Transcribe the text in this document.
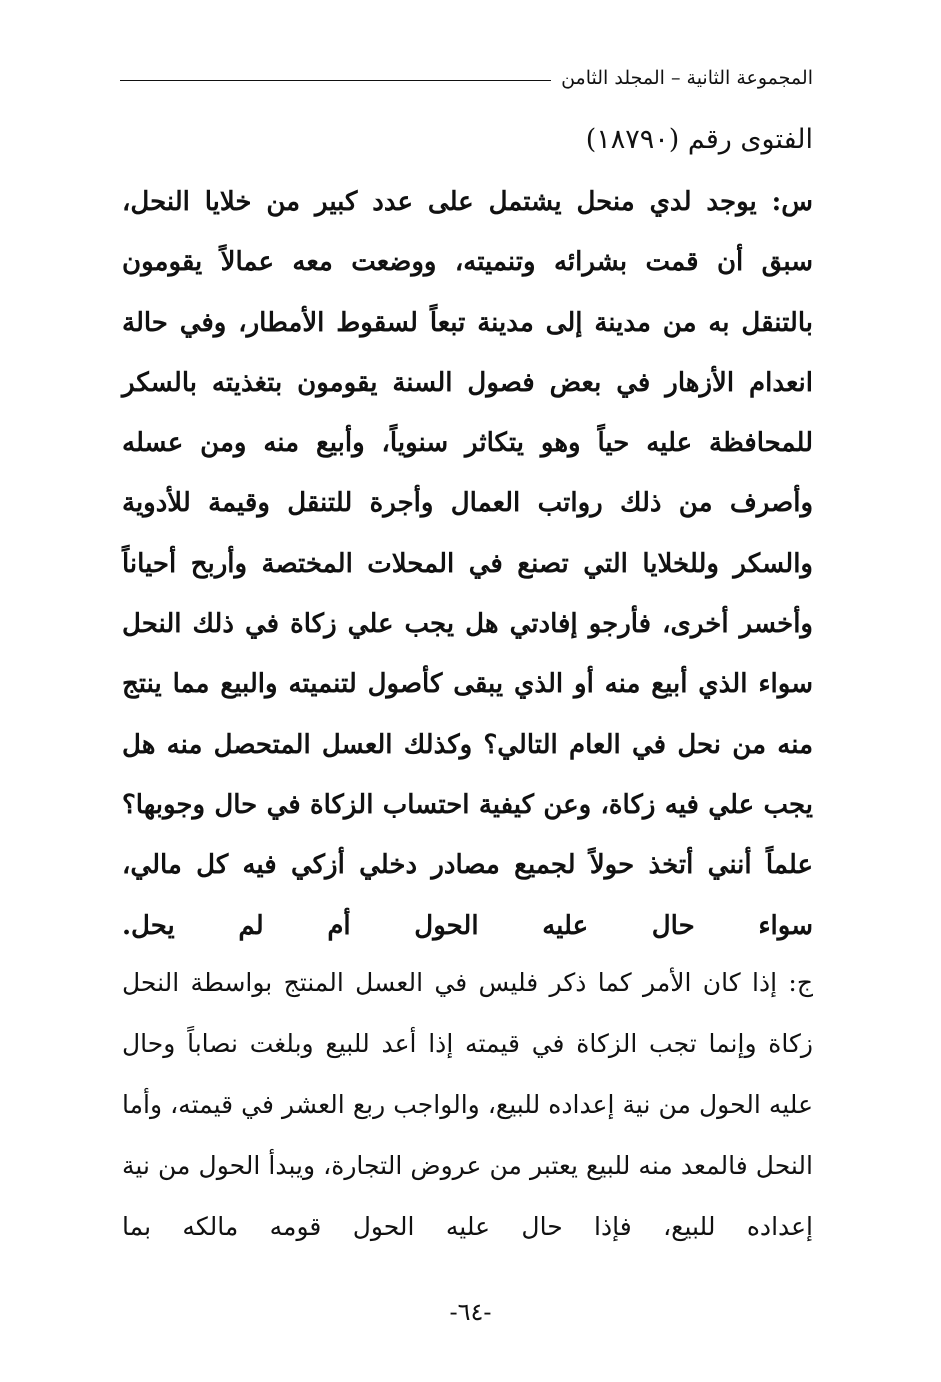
المجموعة الثانية – المجلد الثامن
الفتوى رقم (١٨٧٩٠)

س: يوجد لدي منحل يشتمل على عدد كبير من خلايا النحل، سبق أن قمت بشرائه وتنميته، ووضعت معه عمالاً يقومون بالتنقل به من مدينة إلى مدينة تبعاً لسقوط الأمطار، وفي حالة انعدام الأزهار في بعض فصول السنة يقومون بتغذيته بالسكر للمحافظة عليه حياً وهو يتكاثر سنوياً، وأبيع منه ومن عسله وأصرف من ذلك رواتب العمال وأجرة للتنقل وقيمة للأدوية والسكر وللخلايا التي تصنع في المحلات المختصة وأربح أحياناً وأخسر أخرى، فأرجو إفادتي هل يجب علي زكاة في ذلك النحل سواء الذي أبيع منه أو الذي يبقى كأصول لتنميته والبيع مما ينتج منه من نحل في العام التالي؟ وكذلك العسل المتحصل منه هل يجب علي فيه زكاة، وعن كيفية احتساب الزكاة في حال وجوبها؟ علماً أنني أتخذ حولاً لجميع مصادر دخلي أزكي فيه كل مالي، سواء حال عليه الحول أم لم يحل.

ج: إذا كان الأمر كما ذكر فليس في العسل المنتج بواسطة النحل زكاة وإنما تجب الزكاة في قيمته إذا أعد للبيع وبلغت نصاباً وحال عليه الحول من نية إعداده للبيع، والواجب ربع العشر في قيمته، وأما النحل فالمعد منه للبيع يعتبر من عروض التجارة، ويبدأ الحول من نية إعداده للبيع، فإذا حال عليه الحول قومه مالكه بما

-٦٤-
